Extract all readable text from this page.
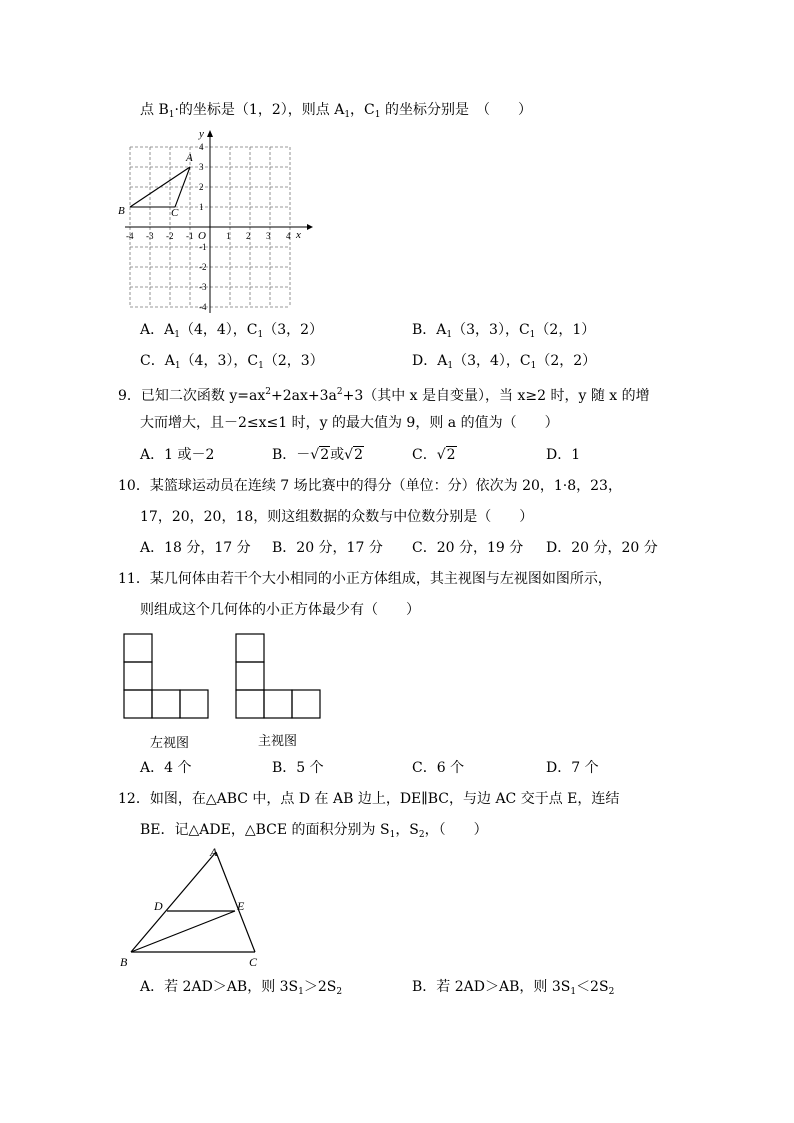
点 $B_1\cdot$的坐标是（1，2），则点 $A_1$，$C_1$ 的坐标分别是　（　　）
x
y
O
-4 -3 -2 -1	1 2 3 4
4
3
2
1
-1
-2
-3
-4
A
B	C
A．$A_1(4$，4），$C_1(3$，2）	B．$A_1(3$，3），$C_1(2$，1）
C．$A_1(4$，3），$C_1(2$，3）	D．$A_1(3$，4），$C_1(2$，2）
9．已知二次函数 $y=ax^2+2ax+3a^2+3$（其中 x 是自变量），当 x≥2 时，y 随 x 的增
大而增大，且－2≤x≤1 时，y 的最大值为 9，则 a 的值为（　　）
A．1 或－2	B．－√2或√2	C．√2	D．1
10．某篮球运动员在连续 7 场比赛中的得分（单位：分）依次为 20，1·8，23，
17，20，20，18，则这组数据的众数与中位数分别是（　　）
A．18 分，17 分 B．20 分，17 分 C．20 分，19 分 D．20 分，20 分
11．某几何体由若干个大小相同的小正方体组成，其主视图与左视图如图所示，
则组成这个几何体的小正方体最少有（　　）
左视图	主视图
A．4 个	B．5 个	C．6 个	D．7 个
12．如图，在△ABC 中，点 D 在 AB 边上，DE∥BC，与边 AC 交于点 E，连结
BE．记△ADE，△BCE 的面积分别为 $S_1$，$S_2$，（　　）
A
B	C
D	E
A．若 2AD＞AB，则 $3S_1>2S_2$	B．若 2AD＞AB，则 $3S_1<2S_2$
